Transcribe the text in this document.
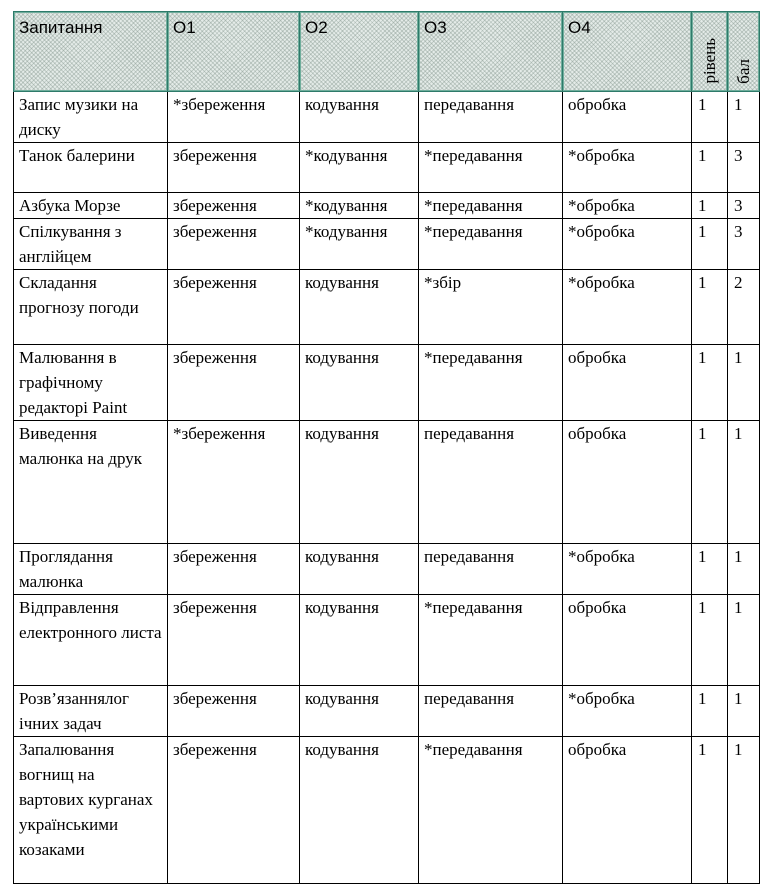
Запитання	О1	О2	О3	О4	рівень	бал
Запис музики на диску	*збереження	кодування	передавання	обробка	1	1
Танок балерини	збереження	*кодування	*передавання	*обробка	1	3
Азбука Морзе	збереження	*кодування	*передавання	*обробка	1	3
Спілкування з англійцем	збереження	*кодування	*передавання	*обробка	1	3
Складання прогнозу погоди	збереження	кодування	*збір	*обробка	1	2
Малювання в графічному редакторі Paint	збереження	кодування	*передавання	обробка	1	1
Виведення малюнка на друк	*збереження	кодування	передавання	обробка	1	1
Проглядання малюнка	збереження	кодування	передавання	*обробка	1	1
Відправлення електронного листа	збереження	кодування	*передавання	обробка	1	1
Розв’язаннялог ічних задач	збереження	кодування	передавання	*обробка	1	1
Запалювання вогнищ на вартових курганах українськими козаками	збереження	кодування	*передавання	обробка	1	1
